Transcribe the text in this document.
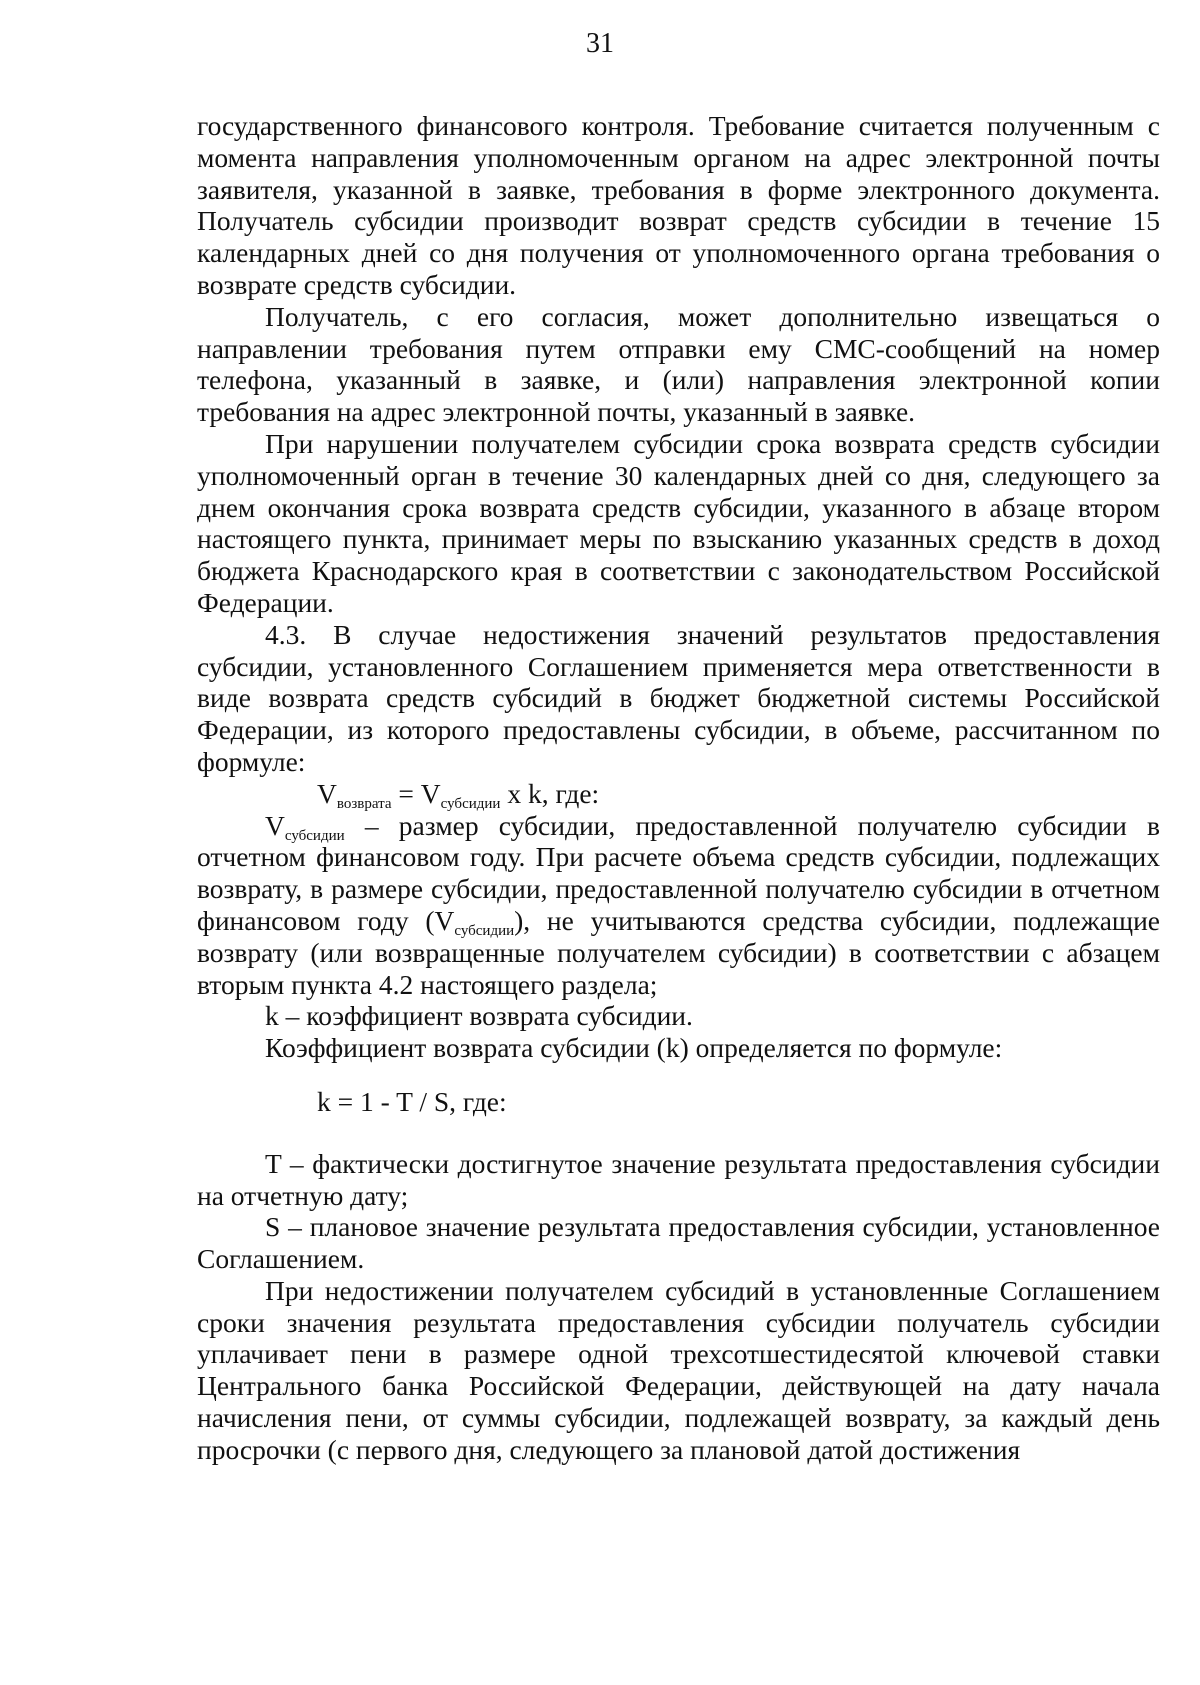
31

государственного финансового контроля. Требование считается полученным с момента направления уполномоченным органом на адрес электронной почты заявителя, указанной в заявке, требования в форме электронного документа. Получатель субсидии производит возврат средств субсидии в течение 15 календарных дней со дня получения от уполномоченного органа требования о возврате средств субсидии.

Получатель, с его согласия, может дополнительно извещаться о направлении требования путем отправки ему СМС-сообщений на номер телефона, указанный в заявке, и (или) направления электронной копии требования на адрес электронной почты, указанный в заявке.

При нарушении получателем субсидии срока возврата средств субсидии уполномоченный орган в течение 30 календарных дней со дня, следующего за днем окончания срока возврата средств субсидии, указанного в абзаце втором настоящего пункта, принимает меры по взысканию указанных средств в доход бюджета Краснодарского края в соответствии с законодательством Российской Федерации.

4.3. В случае недостижения значений результатов предоставления субсидии, установленного Соглашением применяется мера ответственности в виде возврата средств субсидий в бюджет бюджетной системы Российской Федерации, из которого предоставлены субсидии, в объеме, рассчитанном по формуле:

$V_{возврата} = V_{субсидии}$ x k, где:

$V_{субсидии}$ – размер субсидии, предоставленной получателю субсидии в отчетном финансовом году. При расчете объема средств субсидии, подлежащих возврату, в размере субсидии, предоставленной получателю субсидии в отчетном финансовом году $(V_{субсидии})$, не учитываются средства субсидии, подлежащие возврату (или возвращенные получателем субсидии) в соответствии с абзацем вторым пункта 4.2 настоящего раздела;

k – коэффициент возврата субсидии.

Коэффициент возврата субсидии (k) определяется по формуле:

k = 1 - T / S, где:

T – фактически достигнутое значение результата предоставления субсидии на отчетную дату;

S – плановое значение результата предоставления субсидии, установленное Соглашением.

При недостижении получателем субсидий в установленные Соглашением сроки значения результата предоставления субсидии получатель субсидии уплачивает пени в размере одной трехсотшестидесятой ключевой ставки Центрального банка Российской Федерации, действующей на дату начала начисления пени, от суммы субсидии, подлежащей возврату, за каждый день просрочки (с первого дня, следующего за плановой датой достижения
